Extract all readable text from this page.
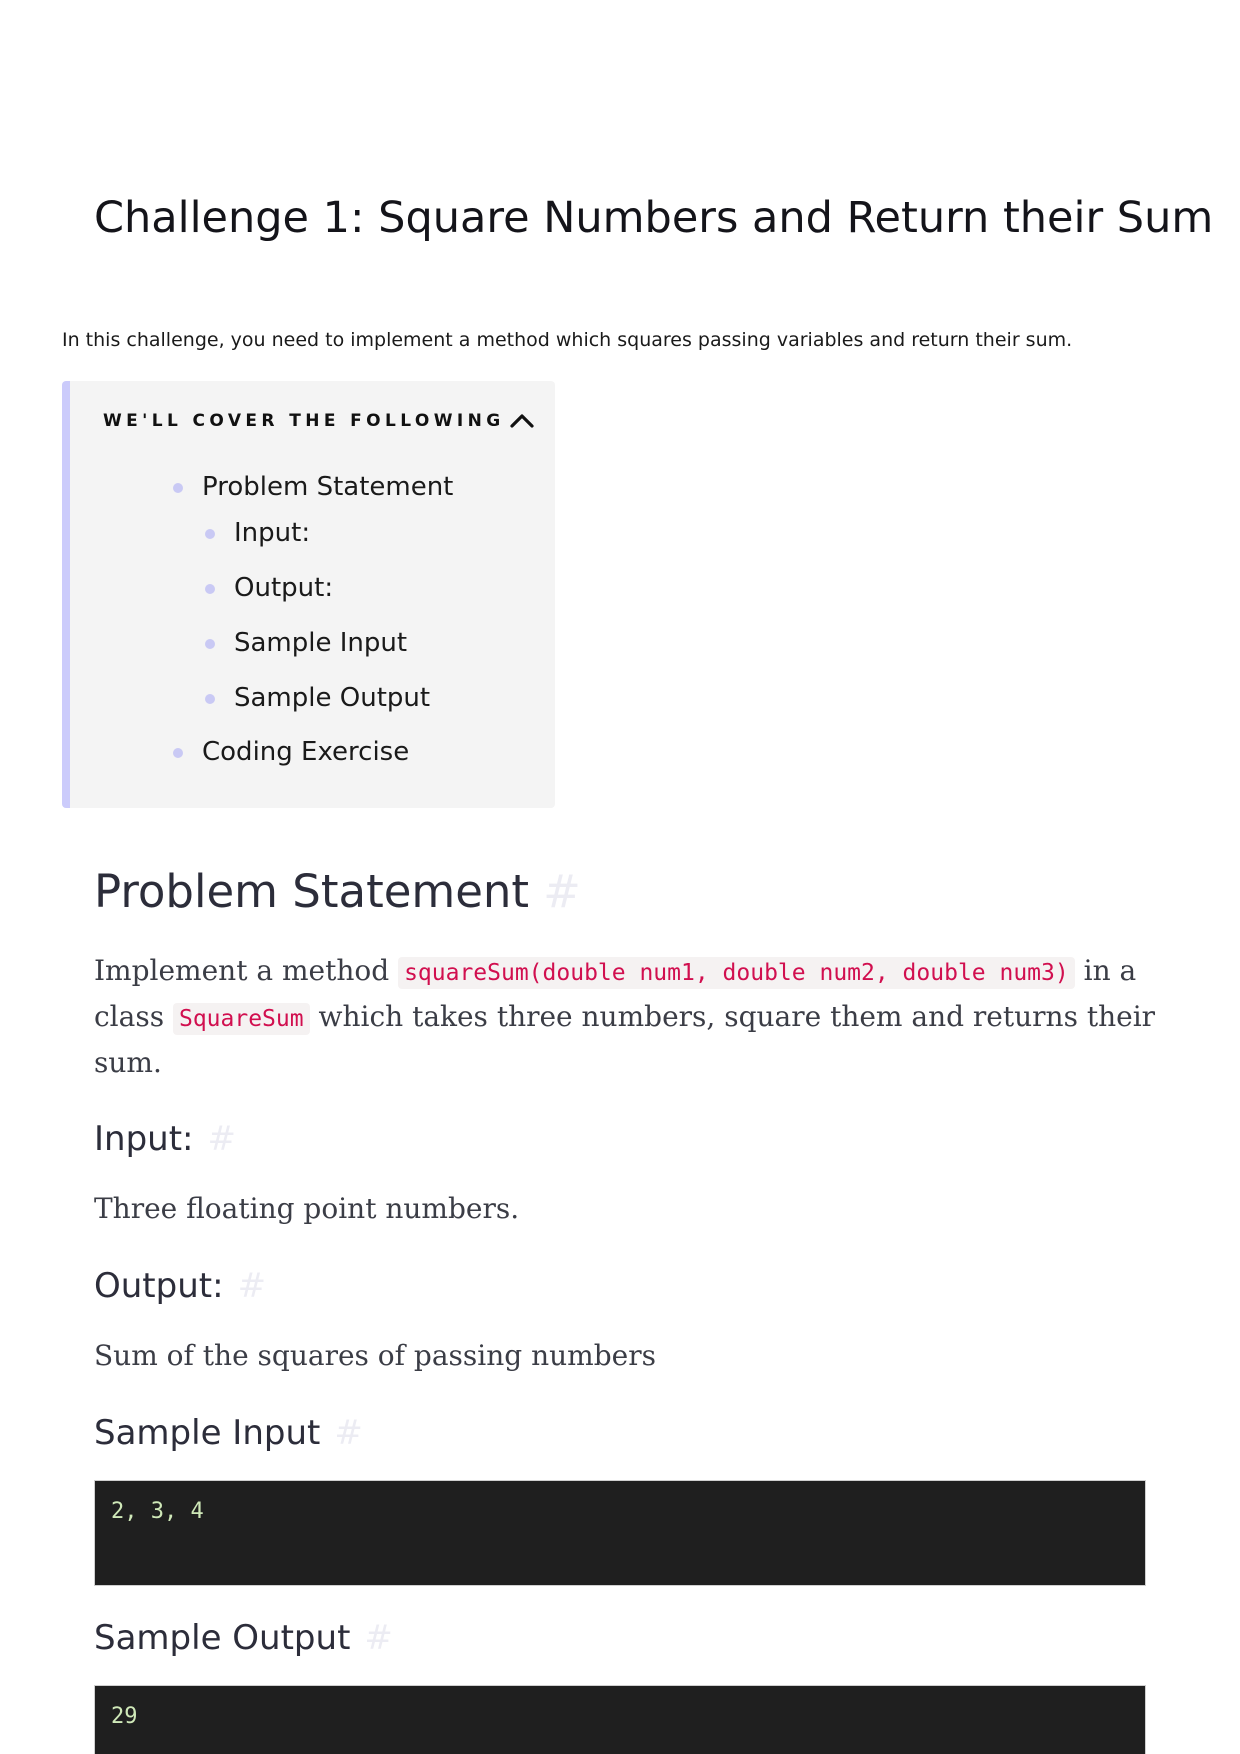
Challenge 1: Square Numbers and Return their Sum

In this challenge, you need to implement a method which squares passing variables and return their sum.

WE'LL COVER THE FOLLOWING
Problem Statement
Input:
Output:
Sample Input
Sample Output
Coding Exercise
Problem Statement #

Implement a method squareSum(double num1, double num2, double num3) in a

class SquareSum which takes three numbers, square them and returns their

sum.

Input: #

Three floating point numbers.

Output: #

Sum of the squares of passing numbers

Sample Input #
2, 3, 4
Sample Output #
29
